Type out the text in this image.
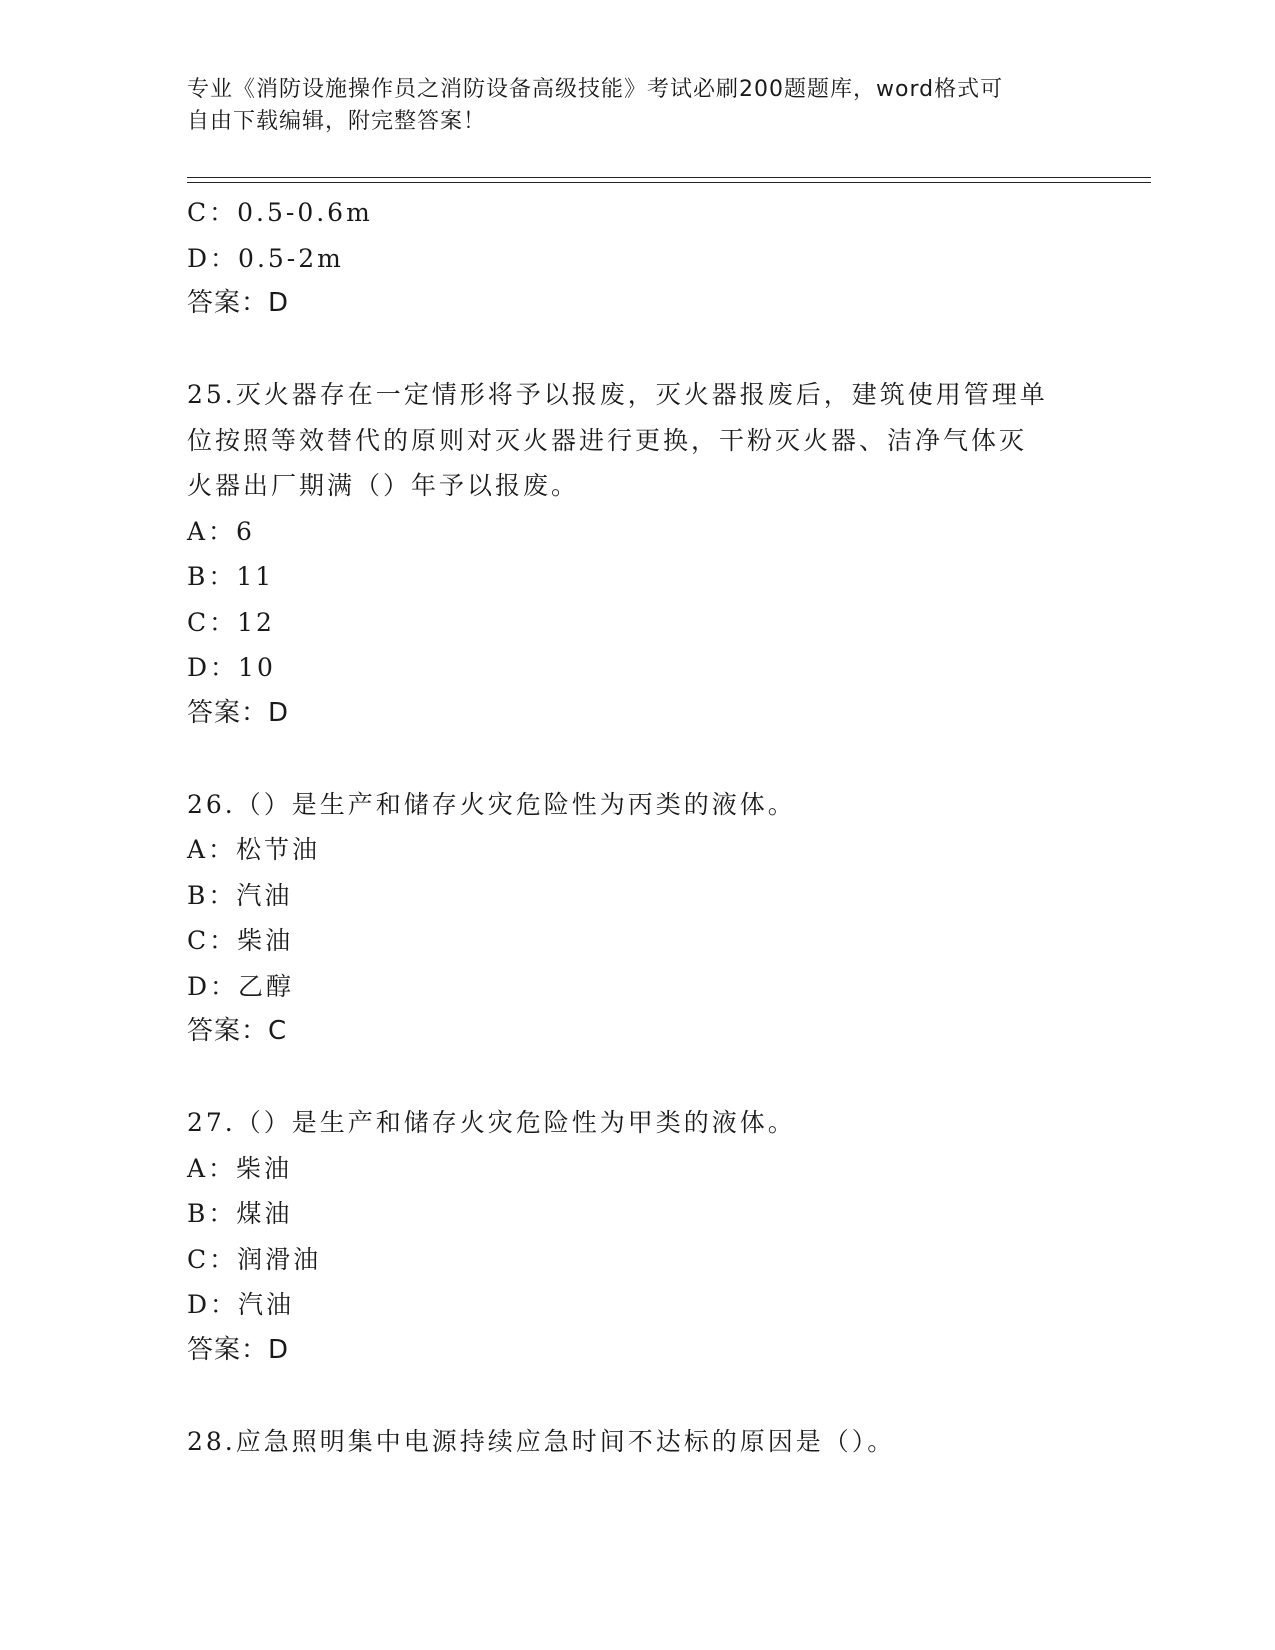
专业《消防设施操作员之消防设备高级技能》考试必刷200题题库，word格式可
自由下载编辑，附完整答案！
C：0.5-0.6m
D：0.5-2m
答案：D
25.灭火器存在一定情形将予以报废，灭火器报废后，建筑使用管理单
位按照等效替代的原则对灭火器进行更换，干粉灭火器、洁净气体灭
火器出厂期满（）年予以报废。
A：6
B：11
C：12
D：10
答案：D
26.（）是生产和储存火灾危险性为丙类的液体。
A：松节油
B：汽油
C：柴油
D：乙醇
答案：C
27.（）是生产和储存火灾危险性为甲类的液体。
A：柴油
B：煤油
C：润滑油
D：汽油
答案：D
28.应急照明集中电源持续应急时间不达标的原因是（）。
